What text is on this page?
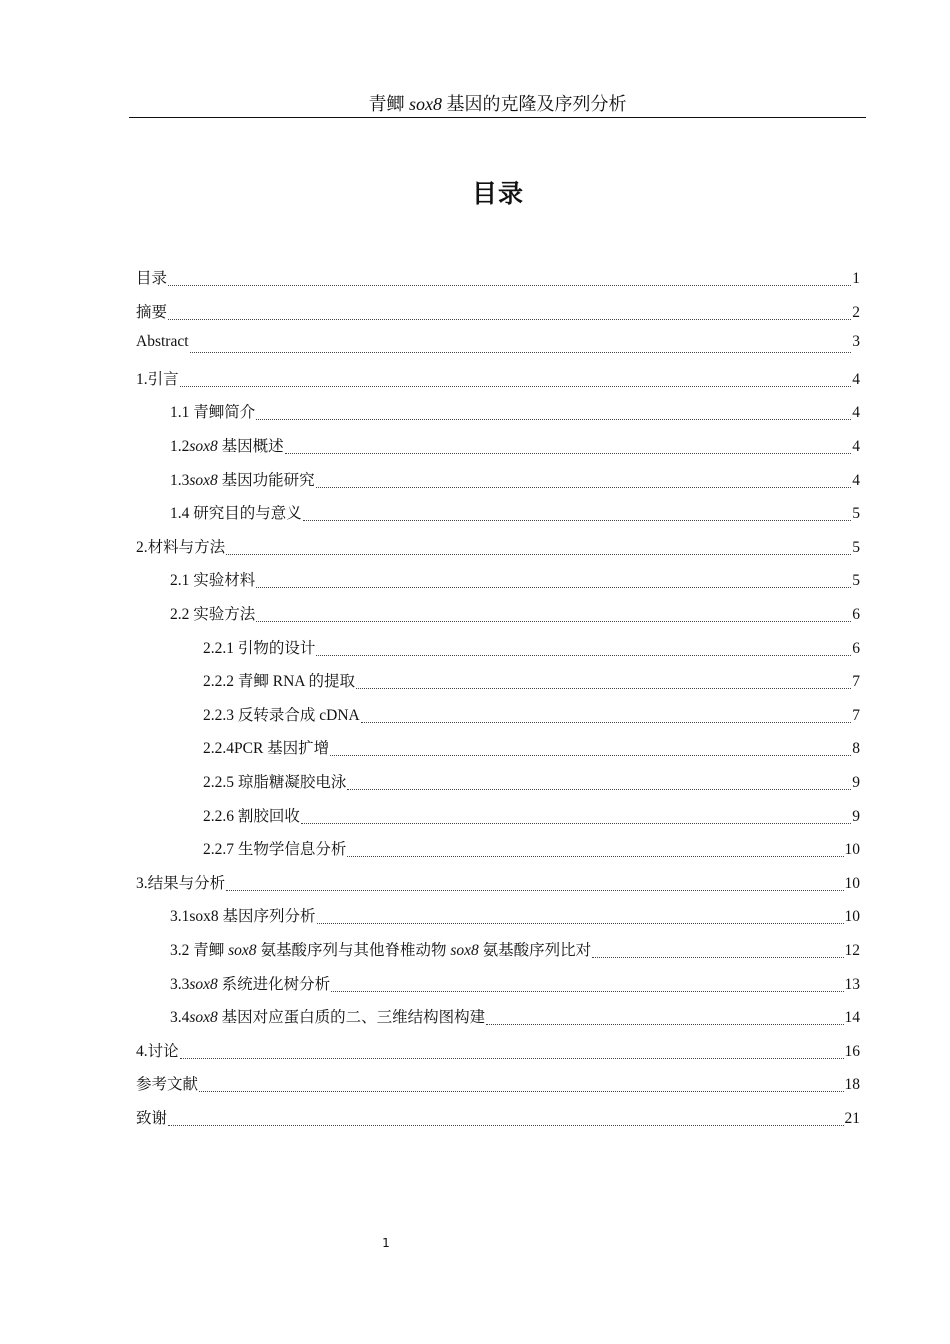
青鲫 sox8 基因的克隆及序列分析
目录
目录	1
摘要	2
Abstract	3
1.引言	4
1.1 青鲫简介	4
1.2sox8 基因概述	4
1.3sox8 基因功能研究	4
1.4 研究目的与意义	5
2.材料与方法	5
2.1 实验材料	5
2.2 实验方法	6
2.2.1 引物的设计	6
2.2.2 青鲫 RNA 的提取	7
2.2.3 反转录合成 cDNA	7
2.2.4PCR 基因扩增	8
2.2.5 琼脂糖凝胶电泳	9
2.2.6 割胶回收	9
2.2.7 生物学信息分析	10
3.结果与分析	10
3.1sox8 基因序列分析	10
3.2 青鲫 sox8 氨基酸序列与其他脊椎动物 sox8 氨基酸序列比对	12
3.3sox8 系统进化树分析	13
3.4sox8 基因对应蛋白质的二、三维结构图构建	14
4.讨论	16
参考文献	18
致谢	21
1
